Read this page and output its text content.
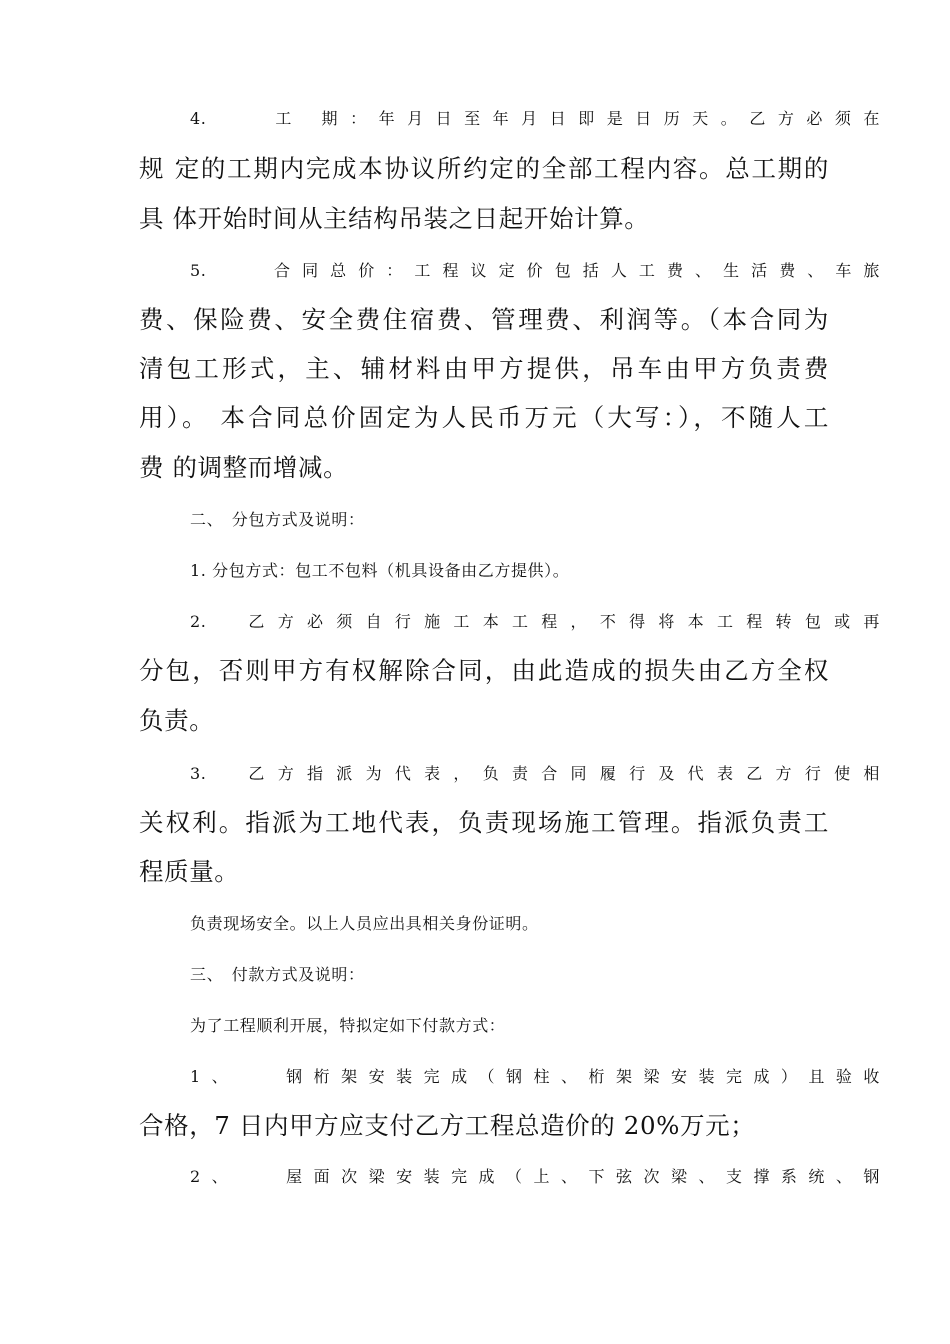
4.　　工 期：年月日至年月日即是日历天。乙方必须在
规 定的工期内完成本协议所约定的全部工程内容。总工期的
具 体开始时间从主结构吊装之日起开始计算。
5.　　合同总价：工程议定价包括人工费、生活费、车旅
费、保险费、安全费住宿费、管理费、利润等。（本合同为
清包工形式，主、辅材料由甲方提供，吊车由甲方负责费
用）。 本合同总价固定为人民币万元（大写：），不随人工
费 的调整而增减。
二、　分包方式及说明：
1. 分包方式：包工不包料（机具设备由乙方提供）。
2.　乙方必须自行施工本工程，不得将本工程转包或再
分包，否则甲方有权解除合同，由此造成的损失由乙方全权
负责。
3.　乙方指派为代表，负责合同履行及代表乙方行使相
关权利。指派为工地代表，负责现场施工管理。指派负责工
程质量。
负责现场安全。以上人员应出具相关身份证明。
三、　付款方式及说明：
为了工程顺利开展，特拟定如下付款方式：
1、　　钢桁架安装完成（钢柱、桁架梁安装完成）且验收
合格，7 日内甲方应支付乙方工程总造价的 20%万元；
2、　　屋面次梁安装完成（上、下弦次梁、支撑系统、钢
